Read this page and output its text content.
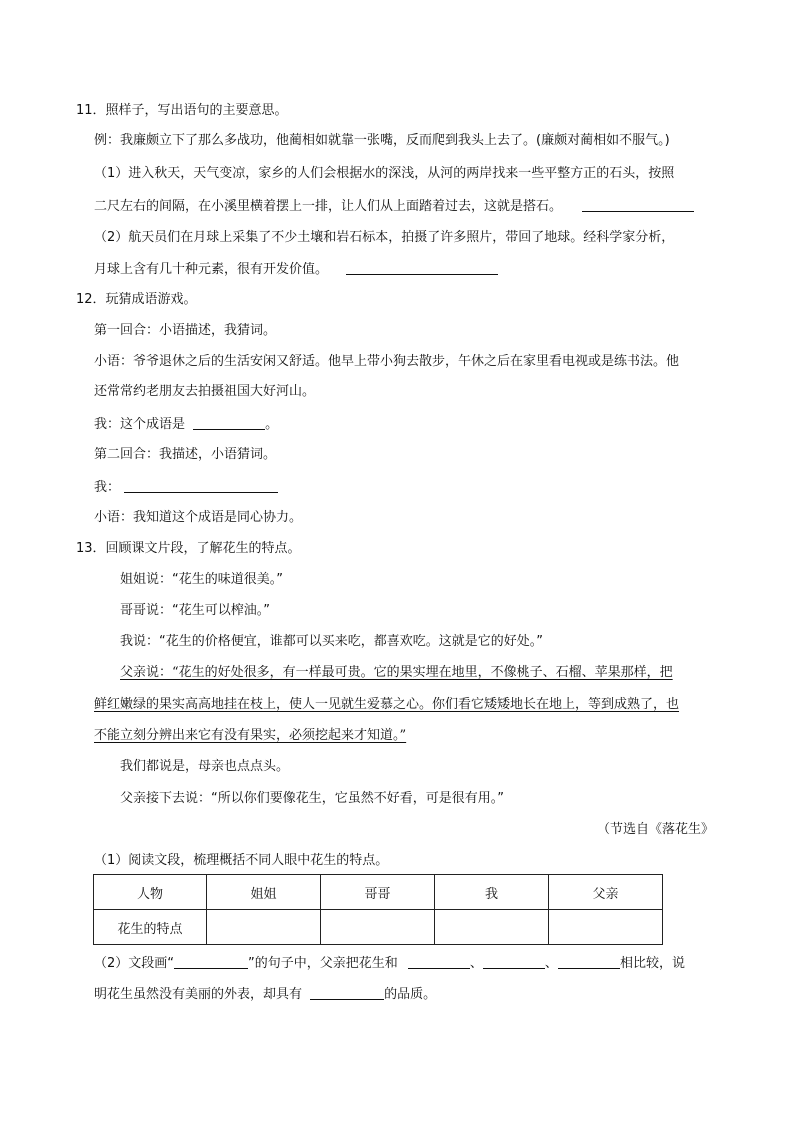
11．照样子，写出语句的主要意思。
例：我廉颇立下了那么多战功，他蔺相如就靠一张嘴，反而爬到我头上去了。(廉颇对蔺相如不服气。)
（1）进入秋天，天气变凉，家乡的人们会根据水的深浅，从河的两岸找来一些平整方正的石头，按照
二尺左右的间隔，在小溪里横着摆上一排，让人们从上面踏着过去，这就是搭石。
（2）航天员们在月球上采集了不少土壤和岩石标本，拍摄了许多照片，带回了地球。经科学家分析，
月球上含有几十种元素，很有开发价值。
12．玩猜成语游戏。
第一回合：小语描述，我猜词。
小语：爷爷退休之后的生活安闲又舒适。他早上带小狗去散步，午休之后在家里看电视或是练书法。他
还常常约老朋友去拍摄祖国大好河山。
我：这个成语是	。
第二回合：我描述，小语猜词。
我：
小语：我知道这个成语是同心协力。
13．回顾课文片段，了解花生的特点。
姐姐说：“花生的味道很美。”
哥哥说：“花生可以榨油。”
我说：“花生的价格便宜，谁都可以买来吃，都喜欢吃。这就是它的好处。”
父亲说：“花生的好处很多，有一样最可贵。它的果实埋在地里，不像桃子、石榴、苹果那样，把
鲜红嫩绿的果实高高地挂在枝上，使人一见就生爱慕之心。你们看它矮矮地长在地上，等到成熟了，也
不能立刻分辨出来它有没有果实，必须挖起来才知道。”
我们都说是，母亲也点点头。
父亲接下去说：“所以你们要像花生，它虽然不好看，可是很有用。”
（节选自《落花生》
（1）阅读文段，梳理概括不同人眼中花生的特点。
人物	姐姐	哥哥	我	父亲
花生的特点				
（2）文段画“	”的句子中，父亲把花生和	、	、	相比较，说
明花生虽然没有美丽的外表，却具有	的品质。
